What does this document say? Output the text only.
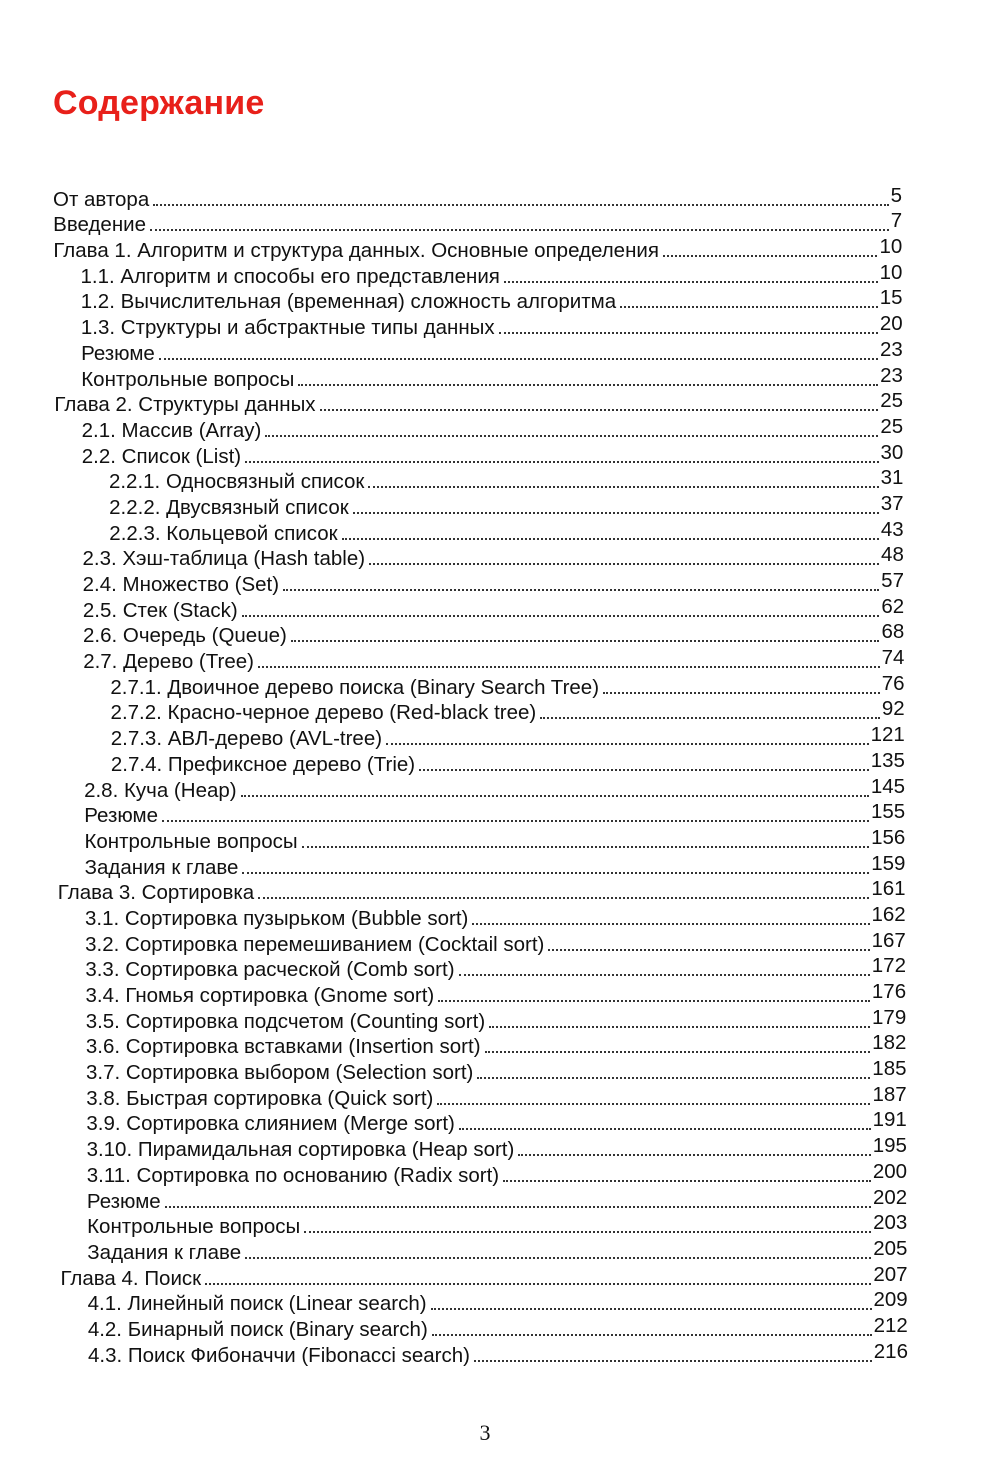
Содержание
От автора	5
Введение	7
Глава 1. Алгоритм и структура данных. Основные определения	10
1.1. Алгоритм и способы его представления	10
1.2. Вычислительная (временная) сложность алгоритма	15
1.3. Структуры и абстрактные типы данных	20
Резюме	23
Контрольные вопросы	23
Глава 2. Структуры данных	25
2.1. Массив (Array)	25
2.2. Список (List)	30
2.2.1. Односвязный список	31
2.2.2. Двусвязный список	37
2.2.3. Кольцевой список	43
2.3. Хэш-таблица (Hash table)	48
2.4. Множество (Set)	57
2.5. Стек (Stack)	62
2.6. Очередь (Queue)	68
2.7. Дерево (Tree)	74
2.7.1. Двоичное дерево поиска (Binary Search Tree)	76
2.7.2. Красно-черное дерево (Red-black tree)	92
2.7.3. АВЛ-дерево (AVL-tree)	121
2.7.4. Префиксное дерево (Trie)	135
2.8. Куча (Heap)	145
Резюме	155
Контрольные вопросы	156
Задания к главе	159
Глава 3. Сортировка	161
3.1. Сортировка пузырьком (Bubble sort)	162
3.2. Сортировка перемешиванием (Cocktail sort)	167
3.3. Сортировка расческой (Comb sort)	172
3.4. Гномья сортировка (Gnome sort)	176
3.5. Сортировка подсчетом (Counting sort)	179
3.6. Сортировка вставками (Insertion sort)	182
3.7. Сортировка выбором (Selection sort)	185
3.8. Быстрая сортировка (Quick sort)	187
3.9. Сортировка слиянием (Merge sort)	191
3.10. Пирамидальная сортировка (Heap sort)	195
3.11. Сортировка по основанию (Radix sort)	200
Резюме	202
Контрольные вопросы	203
Задания к главе	205
Глава 4. Поиск	207
4.1. Линейный поиск (Linear search)	209
4.2. Бинарный поиск (Binary search)	212
4.3. Поиск Фибоначчи (Fibonacci search)	216
3
